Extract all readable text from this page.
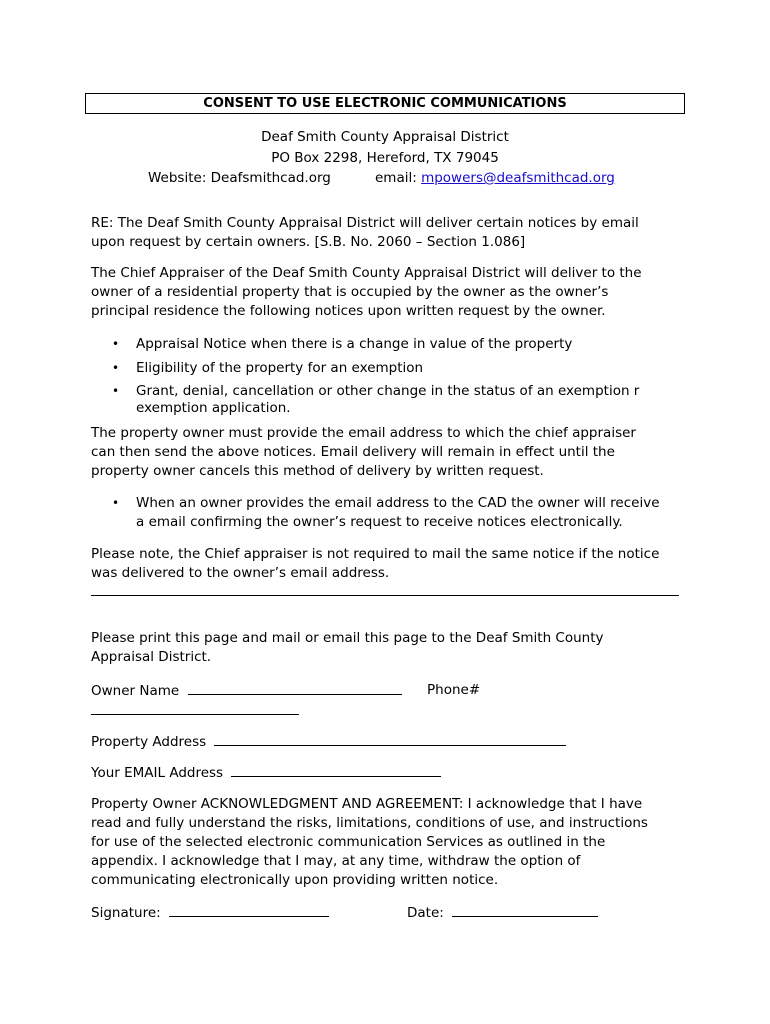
CONSENT TO USE ELECTRONIC COMMUNICATIONS
Deaf Smith County Appraisal District
PO Box 2298, Hereford, TX 79045
Website: Deafsmithcad.org	email: mpowers@deafsmithcad.org
RE: The Deaf Smith County Appraisal District will deliver certain notices by email
upon request by certain owners. [S.B. No. 2060 – Section 1.086]
The Chief Appraiser of the Deaf Smith County Appraisal District will deliver to the
owner of a residential property that is occupied by the owner as the owner’s
principal residence the following notices upon written request by the owner.
• Appraisal Notice when there is a change in value of the property
• Eligibility of the property for an exemption
• Grant, denial, cancellation or other change in the status of an exemption r
exemption application.
The property owner must provide the email address to which the chief appraiser
can then send the above notices. Email delivery will remain in effect until the
property owner cancels this method of delivery by written request.
• When an owner provides the email address to the CAD the owner will receive
a email confirming the owner’s request to receive notices electronically.
Please note, the Chief appraiser is not required to mail the same notice if the notice
was delivered to the owner’s email address.
Please print this page and mail or email this page to the Deaf Smith County
Appraisal District.
Owner Name	Phone#
Property Address
Your EMAIL Address
Property Owner ACKNOWLEDGMENT AND AGREEMENT: I acknowledge that I have
read and fully understand the risks, limitations, conditions of use, and instructions
for use of the selected electronic communication Services as outlined in the
appendix. I acknowledge that I may, at any time, withdraw the option of
communicating electronically upon providing written notice.
Signature:	Date:
